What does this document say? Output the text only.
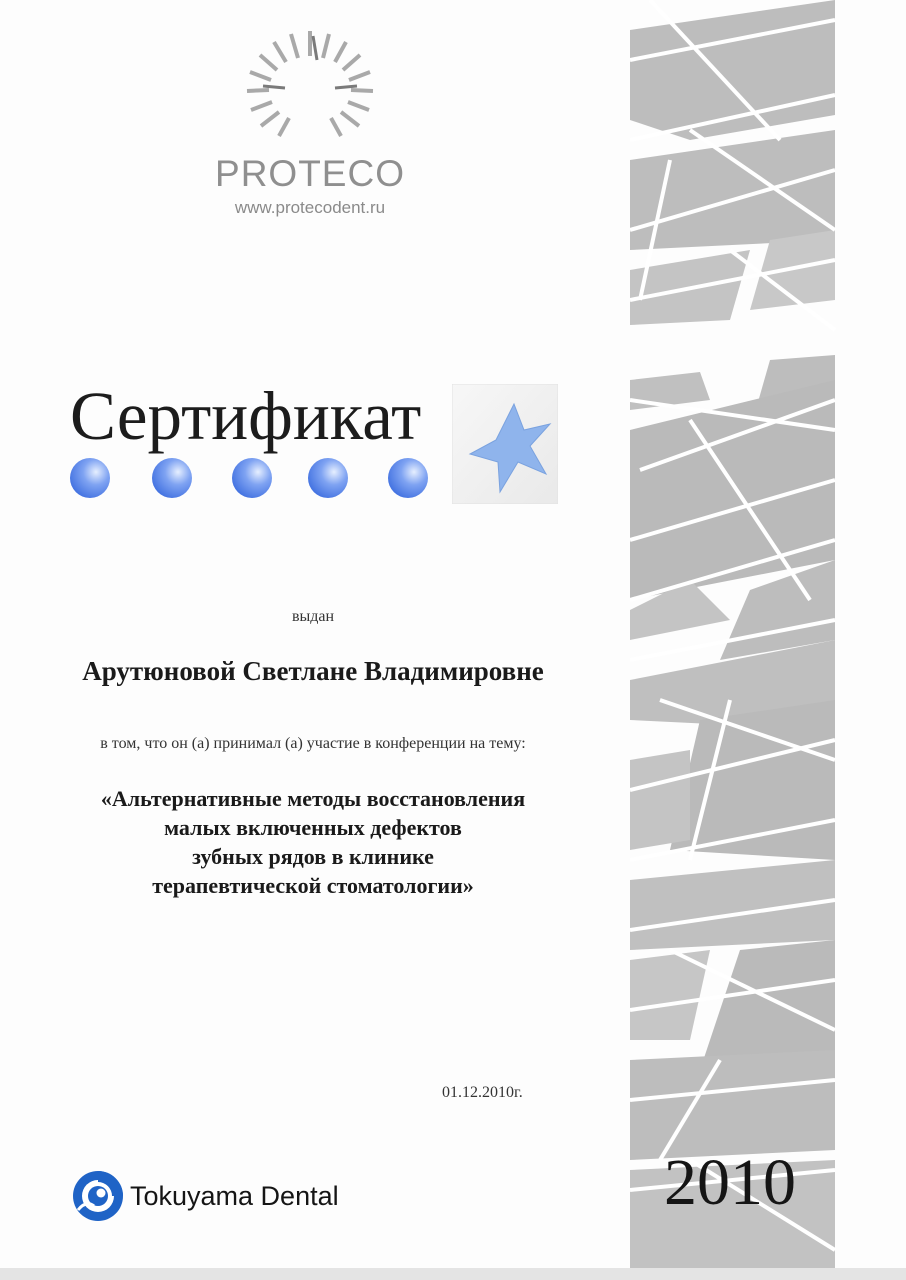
PROTECO
www.protecodent.ru
Сертификат
выдан
Арутюновой Светлане Владимировне
в том, что он (а) принимал (а) участие в конференции на тему:
«Альтернативные методы восстановления
малых включенных дефектов
зубных рядов в клинике
терапевтической стоматологии»
01.12.2010г.
Tokuyama Dental	2010
